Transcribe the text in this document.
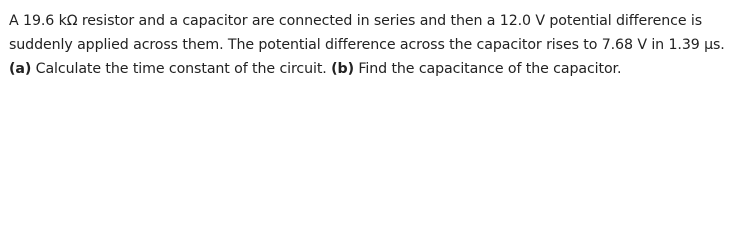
A 19.6 kΩ resistor and a capacitor are connected in series and then a 12.0 V potential difference is
suddenly applied across them. The potential difference across the capacitor rises to 7.68 V in 1.39 μs.
(a) Calculate the time constant of the circuit. (b) Find the capacitance of the capacitor.
